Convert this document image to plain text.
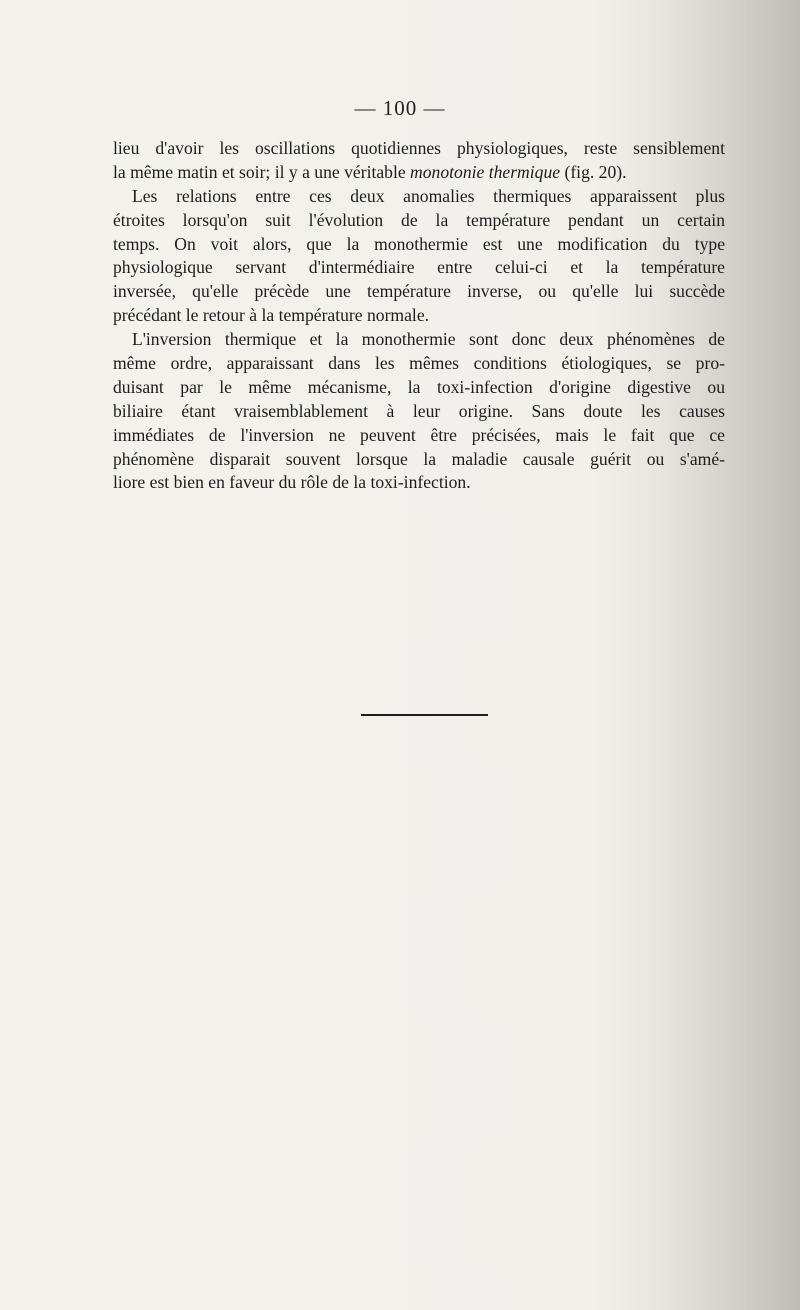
— 100 —
lieu d'avoir les oscillations quotidiennes physiologiques, reste sensiblement
la même matin et soir; il y a une véritable monotonie thermique (fig. 20).
Les relations entre ces deux anomalies thermiques apparaissent plus
étroites lorsqu'on suit l'évolution de la température pendant un certain
temps. On voit alors, que la monothermie est une modification du type
physiologique servant d'intermédiaire entre celui-ci et la température
inversée, qu'elle précède une température inverse, ou qu'elle lui succède
précédant le retour à la température normale.
L'inversion thermique et la monothermie sont donc deux phénomènes de
même ordre, apparaissant dans les mêmes conditions étiologiques, se pro-
duisant par le même mécanisme, la toxi-infection d'origine digestive ou
biliaire étant vraisemblablement à leur origine. Sans doute les causes
immédiates de l'inversion ne peuvent être précisées, mais le fait que ce
phénomène disparait souvent lorsque la maladie causale guérit ou s'amé-
liore est bien en faveur du rôle de la toxi-infection.
